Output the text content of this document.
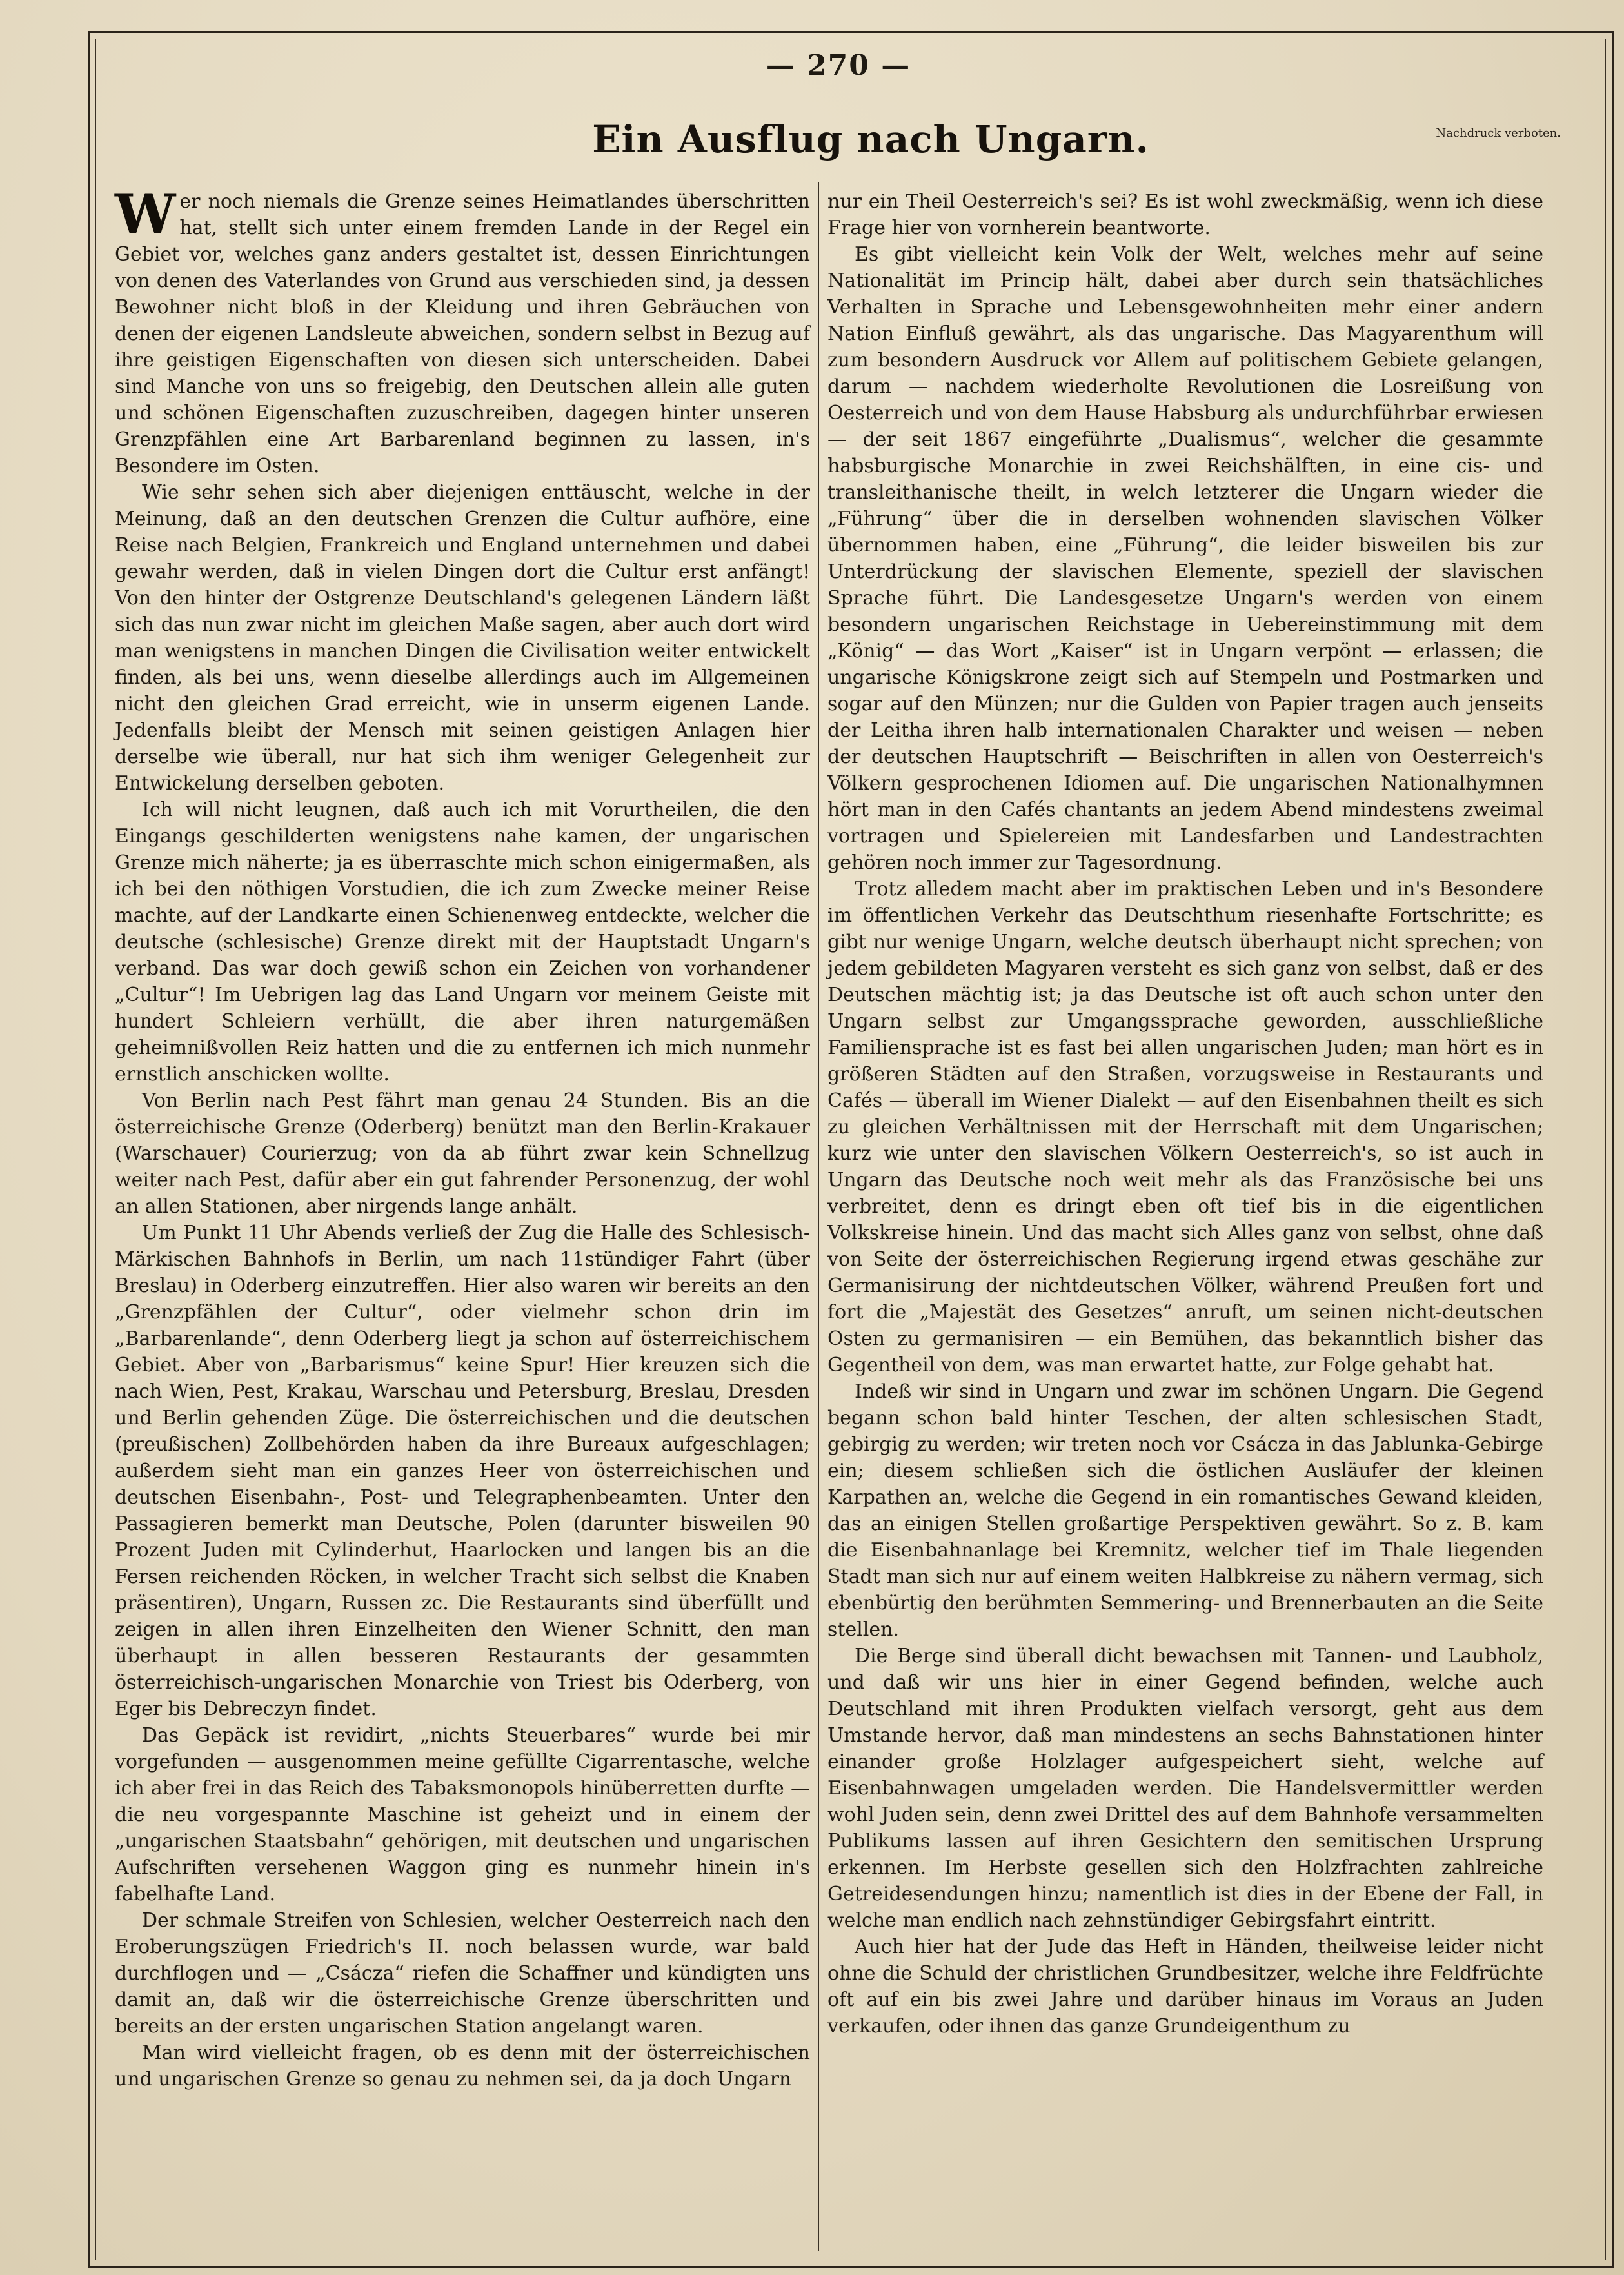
— 270 —
Nachdruck verboten.
Ein Ausflug nach Ungarn.

Wer noch niemals die Grenze seines Heimatlandes überschritten hat, stellt sich unter einem fremden Lande in der Regel ein Gebiet vor, welches ganz anders gestaltet ist, dessen Einrichtungen von denen des Vaterlandes von Grund aus verschieden sind, ja dessen Bewohner nicht bloß in der Kleidung und ihren Gebräuchen von denen der eigenen Landsleute abweichen, sondern selbst in Bezug auf ihre geistigen Eigenschaften von diesen sich unterscheiden. Dabei sind Manche von uns so freigebig, den Deutschen allein alle guten und schönen Eigenschaften zuzuschreiben, dagegen hinter unseren Grenzpfählen eine Art Barbarenland beginnen zu lassen, in's Besondere im Osten.

Wie sehr sehen sich aber diejenigen enttäuscht, welche in der Meinung, daß an den deutschen Grenzen die Cultur aufhöre, eine Reise nach Belgien, Frankreich und England unternehmen und dabei gewahr werden, daß in vielen Dingen dort die Cultur erst anfängt! Von den hinter der Ostgrenze Deutschland's gelegenen Ländern läßt sich das nun zwar nicht im gleichen Maße sagen, aber auch dort wird man wenigstens in manchen Dingen die Civilisation weiter entwickelt finden, als bei uns, wenn dieselbe allerdings auch im Allgemeinen nicht den gleichen Grad erreicht, wie in unserm eigenen Lande. Jedenfalls bleibt der Mensch mit seinen geistigen Anlagen hier derselbe wie überall, nur hat sich ihm weniger Gelegenheit zur Entwickelung derselben geboten.

Ich will nicht leugnen, daß auch ich mit Vorurtheilen, die den Eingangs geschilderten wenigstens nahe kamen, der ungarischen Grenze mich näherte; ja es überraschte mich schon einigermaßen, als ich bei den nöthigen Vorstudien, die ich zum Zwecke meiner Reise machte, auf der Landkarte einen Schienenweg entdeckte, welcher die deutsche (schlesische) Grenze direkt mit der Hauptstadt Ungarn's verband. Das war doch gewiß schon ein Zeichen von vorhandener „Cultur“! Im Uebrigen lag das Land Ungarn vor meinem Geiste mit hundert Schleiern verhüllt, die aber ihren naturgemäßen geheimnißvollen Reiz hatten und die zu entfernen ich mich nunmehr ernstlich anschicken wollte.

Von Berlin nach Pest fährt man genau 24 Stunden. Bis an die österreichische Grenze (Oderberg) benützt man den Berlin-Krakauer (Warschauer) Courierzug; von da ab führt zwar kein Schnellzug weiter nach Pest, dafür aber ein gut fahrender Personenzug, der wohl an allen Stationen, aber nirgends lange anhält.

Um Punkt 11 Uhr Abends verließ der Zug die Halle des Schlesisch-Märkischen Bahnhofs in Berlin, um nach 11stündiger Fahrt (über Breslau) in Oderberg einzutreffen. Hier also waren wir bereits an den „Grenzpfählen der Cultur“, oder vielmehr schon drin im „Barbarenlande“, denn Oderberg liegt ja schon auf österreichischem Gebiet. Aber von „Barbarismus“ keine Spur! Hier kreuzen sich die nach Wien, Pest, Krakau, Warschau und Petersburg, Breslau, Dresden und Berlin gehenden Züge. Die österreichischen und die deutschen (preußischen) Zollbehörden haben da ihre Bureaux aufgeschlagen; außerdem sieht man ein ganzes Heer von österreichischen und deutschen Eisenbahn-, Post- und Telegraphenbeamten. Unter den Passagieren bemerkt man Deutsche, Polen (darunter bisweilen 90 Prozent Juden mit Cylinderhut, Haarlocken und langen bis an die Fersen reichenden Röcken, in welcher Tracht sich selbst die Knaben präsentiren), Ungarn, Russen zc. Die Restaurants sind überfüllt und zeigen in allen ihren Einzelheiten den Wiener Schnitt, den man überhaupt in allen besseren Restaurants der gesammten österreichisch-ungarischen Monarchie von Triest bis Oderberg, von Eger bis Debreczyn findet.

Das Gepäck ist revidirt, „nichts Steuerbares“ wurde bei mir vorgefunden — ausgenommen meine gefüllte Cigarrentasche, welche ich aber frei in das Reich des Tabaksmonopols hinüberretten durfte — die neu vorgespannte Maschine ist geheizt und in einem der „ungarischen Staatsbahn“ gehörigen, mit deutschen und ungarischen Aufschriften versehenen Waggon ging es nunmehr hinein in's fabelhafte Land.

Der schmale Streifen von Schlesien, welcher Oesterreich nach den Eroberungszügen Friedrich's II. noch belassen wurde, war bald durchflogen und — „Csácza“ riefen die Schaffner und kündigten uns damit an, daß wir die österreichische Grenze überschritten und bereits an der ersten ungarischen Station angelangt waren.

Man wird vielleicht fragen, ob es denn mit der österreichischen und ungarischen Grenze so genau zu nehmen sei, da ja doch Ungarn

nur ein Theil Oesterreich's sei? Es ist wohl zweckmäßig, wenn ich diese Frage hier von vornherein beantworte.

Es gibt vielleicht kein Volk der Welt, welches mehr auf seine Nationalität im Princip hält, dabei aber durch sein thatsächliches Verhalten in Sprache und Lebensgewohnheiten mehr einer andern Nation Einfluß gewährt, als das ungarische. Das Magyarenthum will zum besondern Ausdruck vor Allem auf politischem Gebiete gelangen, darum — nachdem wiederholte Revolutionen die Losreißung von Oesterreich und von dem Hause Habsburg als undurchführbar erwiesen — der seit 1867 eingeführte „Dualismus“, welcher die gesammte habsburgische Monarchie in zwei Reichshälften, in eine cis- und transleithanische theilt, in welch letzterer die Ungarn wieder die „Führung“ über die in derselben wohnenden slavischen Völker übernommen haben, eine „Führung“, die leider bisweilen bis zur Unterdrückung der slavischen Elemente, speziell der slavischen Sprache führt. Die Landesgesetze Ungarn's werden von einem besondern ungarischen Reichstage in Uebereinstimmung mit dem „König“ — das Wort „Kaiser“ ist in Ungarn verpönt — erlassen; die ungarische Königskrone zeigt sich auf Stempeln und Postmarken und sogar auf den Münzen; nur die Gulden von Papier tragen auch jenseits der Leitha ihren halb internationalen Charakter und weisen — neben der deutschen Hauptschrift — Beischriften in allen von Oesterreich's Völkern gesprochenen Idiomen auf. Die ungarischen Nationalhymnen hört man in den Cafés chantants an jedem Abend mindestens zweimal vortragen und Spielereien mit Landesfarben und Landestrachten gehören noch immer zur Tagesordnung.

Trotz alledem macht aber im praktischen Leben und in's Besondere im öffentlichen Verkehr das Deutschthum riesenhafte Fortschritte; es gibt nur wenige Ungarn, welche deutsch überhaupt nicht sprechen; von jedem gebildeten Magyaren versteht es sich ganz von selbst, daß er des Deutschen mächtig ist; ja das Deutsche ist oft auch schon unter den Ungarn selbst zur Umgangssprache geworden, ausschließliche Familiensprache ist es fast bei allen ungarischen Juden; man hört es in größeren Städten auf den Straßen, vorzugsweise in Restaurants und Cafés — überall im Wiener Dialekt — auf den Eisenbahnen theilt es sich zu gleichen Verhältnissen mit der Herrschaft mit dem Ungarischen; kurz wie unter den slavischen Völkern Oesterreich's, so ist auch in Ungarn das Deutsche noch weit mehr als das Französische bei uns verbreitet, denn es dringt eben oft tief bis in die eigentlichen Volkskreise hinein. Und das macht sich Alles ganz von selbst, ohne daß von Seite der österreichischen Regierung irgend etwas geschähe zur Germanisirung der nichtdeutschen Völker, während Preußen fort und fort die „Majestät des Gesetzes“ anruft, um seinen nicht-deutschen Osten zu germanisiren — ein Bemühen, das bekanntlich bisher das Gegentheil von dem, was man erwartet hatte, zur Folge gehabt hat.

Indeß wir sind in Ungarn und zwar im schönen Ungarn. Die Gegend begann schon bald hinter Teschen, der alten schlesischen Stadt, gebirgig zu werden; wir treten noch vor Csácza in das Jablunka-Gebirge ein; diesem schließen sich die östlichen Ausläufer der kleinen Karpathen an, welche die Gegend in ein romantisches Gewand kleiden, das an einigen Stellen großartige Perspektiven gewährt. So z. B. kam die Eisenbahnanlage bei Kremnitz, welcher tief im Thale liegenden Stadt man sich nur auf einem weiten Halbkreise zu nähern vermag, sich ebenbürtig den berühmten Semmering- und Brennerbauten an die Seite stellen.

Die Berge sind überall dicht bewachsen mit Tannen- und Laubholz, und daß wir uns hier in einer Gegend befinden, welche auch Deutschland mit ihren Produkten vielfach versorgt, geht aus dem Umstande hervor, daß man mindestens an sechs Bahnstationen hinter einander große Holzlager aufgespeichert sieht, welche auf Eisenbahnwagen umgeladen werden. Die Handelsvermittler werden wohl Juden sein, denn zwei Drittel des auf dem Bahnhofe versammelten Publikums lassen auf ihren Gesichtern den semitischen Ursprung erkennen. Im Herbste gesellen sich den Holzfrachten zahlreiche Getreidesendungen hinzu; namentlich ist dies in der Ebene der Fall, in welche man endlich nach zehnstündiger Gebirgsfahrt eintritt.

Auch hier hat der Jude das Heft in Händen, theilweise leider nicht ohne die Schuld der christlichen Grundbesitzer, welche ihre Feldfrüchte oft auf ein bis zwei Jahre und darüber hinaus im Voraus an Juden verkaufen, oder ihnen das ganze Grundeigenthum zu
